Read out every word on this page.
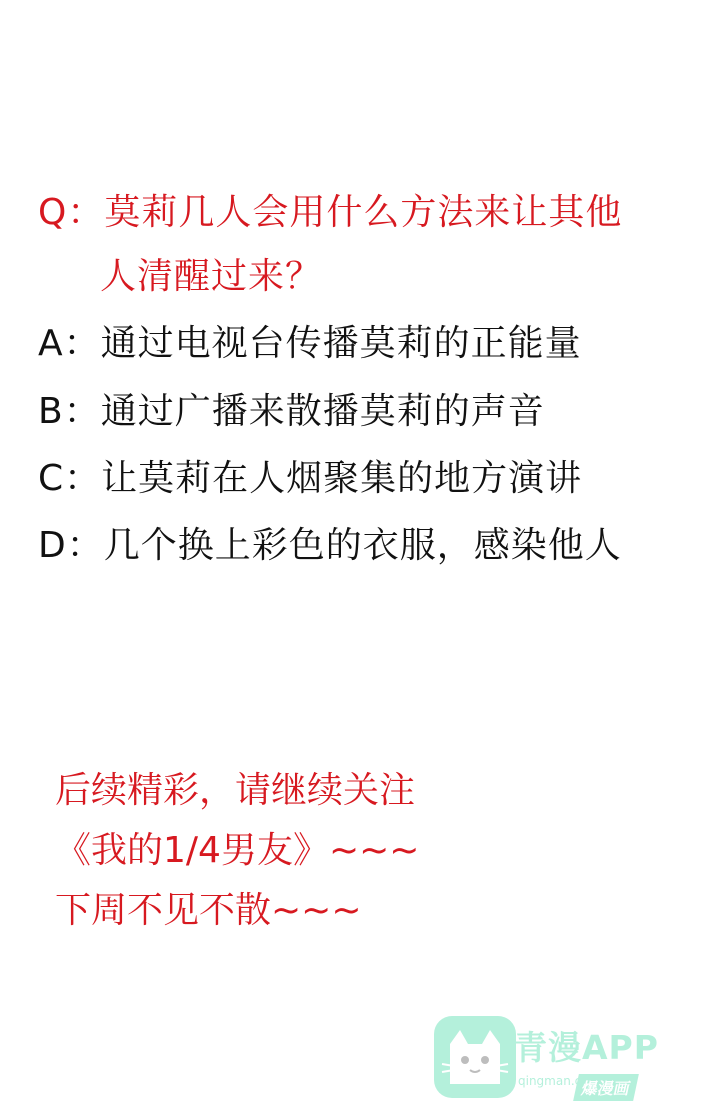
Q：莫莉几人会用什么方法来让其他
人清醒过来？
A：通过电视台传播莫莉的正能量
B：通过广播来散播莫莉的声音
C：让莫莉在人烟聚集的地方演讲
D：几个换上彩色的衣服，感染他人
后续精彩，请继续关注
《我的1/4男友》~~~
下周不见不散~~~
青漫APP
qingman.com
爆漫画
